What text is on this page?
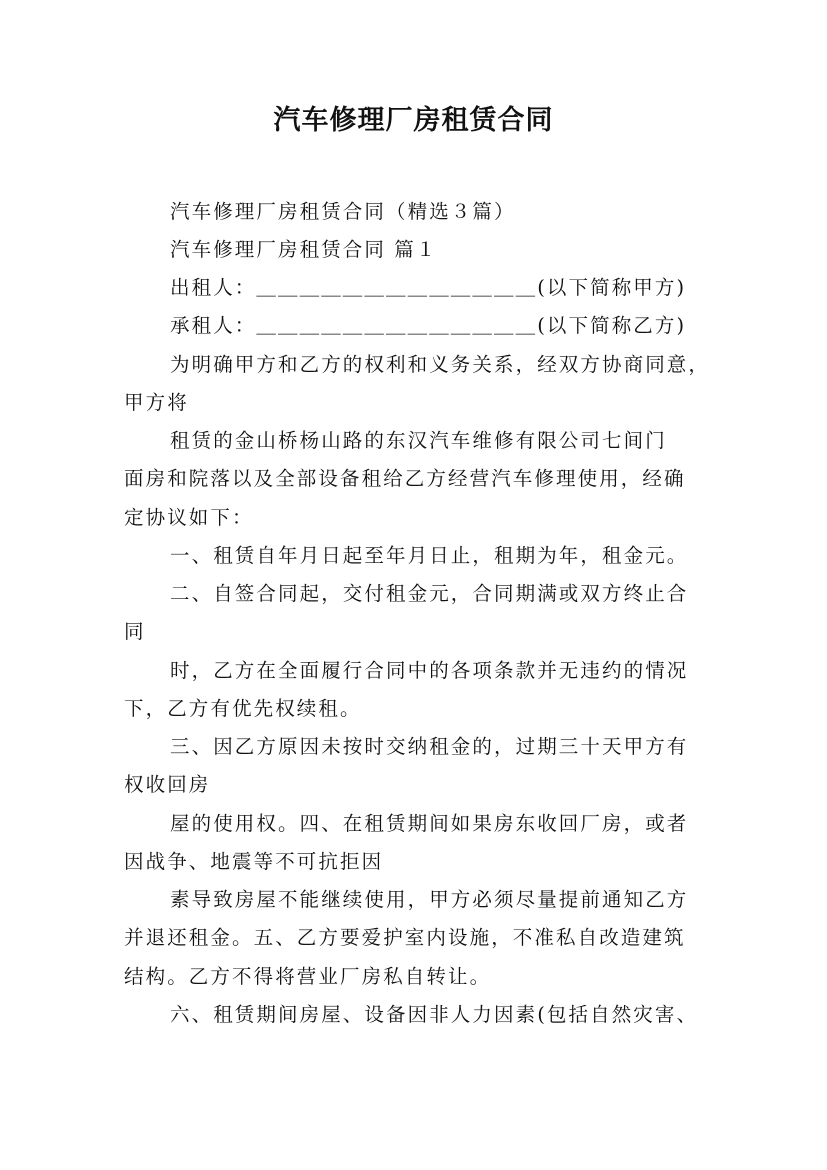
汽车修理厂房租赁合同
汽车修理厂房租赁合同（精选３篇）
汽车修理厂房租赁合同 篇１
出租人：＿＿＿＿＿＿＿＿＿＿＿＿＿(以下简称甲方)
承租人：＿＿＿＿＿＿＿＿＿＿＿＿＿(以下简称乙方)
为明确甲方和乙方的权利和义务关系，经双方协商同意，
甲方将
租赁的金山桥杨山路的东汉汽车维修有限公司七间门
面房和院落以及全部设备租给乙方经营汽车修理使用，经确
定协议如下：
一、租赁自年月日起至年月日止，租期为年，租金元。
二、自签合同起，交付租金元，合同期满或双方终止合
同
时，乙方在全面履行合同中的各项条款并无违约的情况
下，乙方有优先权续租。
三、因乙方原因未按时交纳租金的，过期三十天甲方有
权收回房
屋的使用权。四、在租赁期间如果房东收回厂房，或者
因战争、地震等不可抗拒因
素导致房屋不能继续使用，甲方必须尽量提前通知乙方
并退还租金。五、乙方要爱护室内设施，不准私自改造建筑
结构。乙方不得将营业厂房私自转让。
六、租赁期间房屋、设备因非人力因素(包括自然灾害、
